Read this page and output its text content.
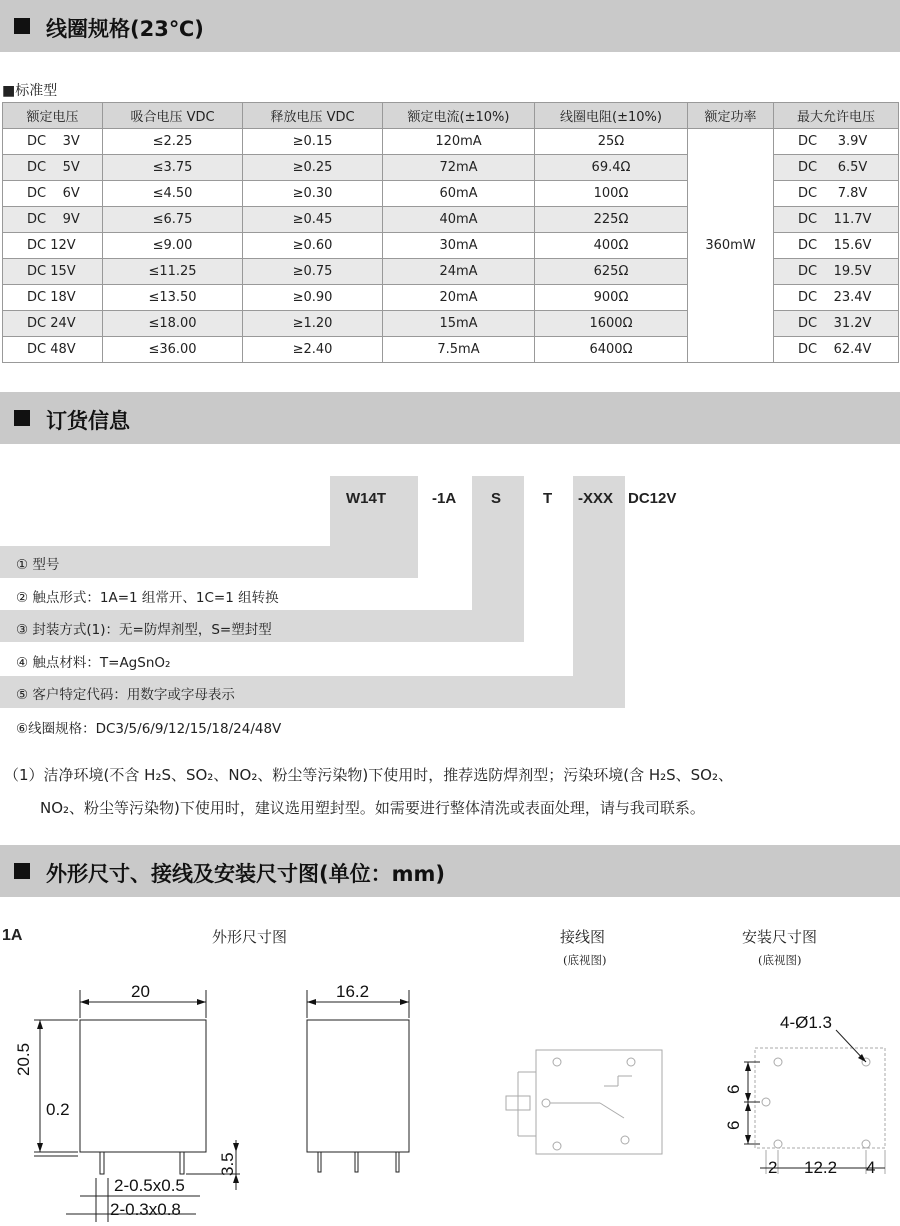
线圈规格(23℃)
■标准型
额定电压	吸合电压 VDC	释放电压 VDC	额定电流(±10%)	线圈电阻(±10%)	额定功率	最大允许电压
DC    3V	≤2.25	≥0.15	120mA	25Ω	360mW	DC     3.9V
DC    5V	≤3.75	≥0.25	72mA	69.4Ω		DC     6.5V
DC    6V	≤4.50	≥0.30	60mA	100Ω		DC     7.8V
DC    9V	≤6.75	≥0.45	40mA	225Ω		DC    11.7V
DC 12V	≤9.00	≥0.60	30mA	400Ω		DC    15.6V
DC 15V	≤11.25	≥0.75	24mA	625Ω		DC    19.5V
DC 18V	≤13.50	≥0.90	20mA	900Ω		DC    23.4V
DC 24V	≤18.00	≥1.20	15mA	1600Ω		DC    31.2V
DC 48V	≤36.00	≥2.40	7.5mA	6400Ω		DC    62.4V
订货信息
W14T	-1A S	T -XXX DC12V
① 型号
② 触点形式：1A=1 组常开、1C=1 组转换
③ 封装方式(1)：无=防焊剂型，S=塑封型
④ 触点材料：T=AgSnO₂
⑤ 客户特定代码：用数字或字母表示
⑥线圈规格：DC3/5/6/9/12/15/18/24/48V
（1）洁净环境(不含 H₂S、SO₂、NO₂、粉尘等污染物)下使用时，推荐选防焊剂型；污染环境(含 H₂S、SO₂、
NO₂、粉尘等污染物)下使用时，建议选用塑封型。如需要进行整体清洗或表面处理，请与我司联系。
外形尺寸、接线及安装尺寸图(单位：mm)
1A	外形尺寸图	接线图
(底视图)
安装尺寸图
(底视图)
20	16.2
20.5
0.2
3.5
2-0.5x0.5
2-0.3x0.8
4-Ø1.3
6
6
2 12.2 4
